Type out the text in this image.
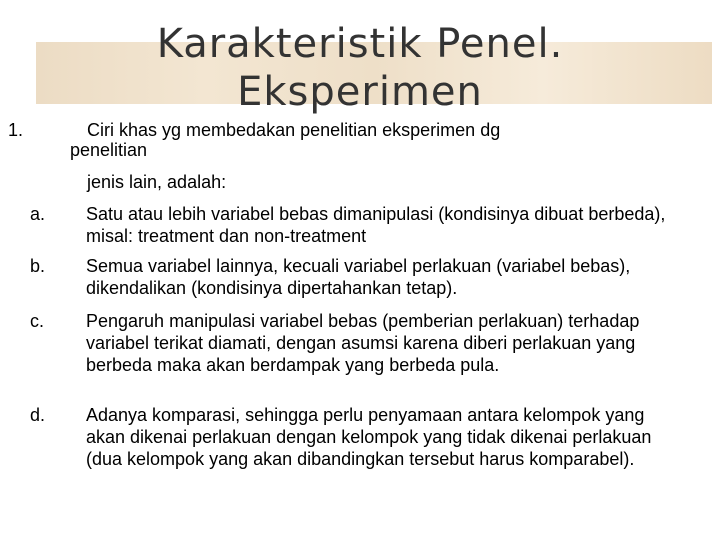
Karakteristik Penel. Eksperimen
1.	Ciri khas yg membedakan penelitian eksperimen dg
penelitian
jenis lain, adalah:
a. Satu atau lebih variabel bebas dimanipulasi (kondisinya dibuat berbeda), misal: treatment dan non-treatment
b. Semua variabel lainnya, kecuali variabel perlakuan (variabel bebas), dikendalikan (kondisinya dipertahankan tetap).
c. Pengaruh manipulasi variabel bebas (pemberian perlakuan) terhadap variabel terikat diamati, dengan asumsi karena diberi perlakuan yang berbeda maka akan berdampak yang berbeda pula.
d. Adanya komparasi, sehingga perlu penyamaan antara kelompok yang akan dikenai perlakuan dengan kelompok yang tidak dikenai perlakuan (dua kelompok yang akan dibandingkan tersebut harus komparabel).
